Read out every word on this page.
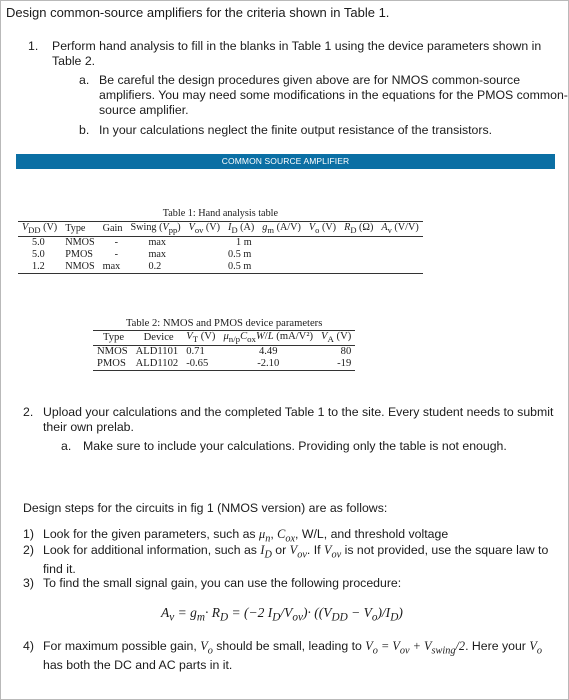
Design common-source amplifiers for the criteria shown in Table 1.
1. Perform hand analysis to fill in the blanks in Table 1 using the device parameters shown in Table 2.
a. Be careful the design procedures given above are for NMOS common-source amplifiers. You may need some modifications in the equations for the PMOS common-source amplifier.
b. In your calculations neglect the finite output resistance of the transistors.
COMMON SOURCE AMPLIFIER
Table 1: Hand analysis table									
$V_{DD}$ (V)	Type	Gain	Swing $(V_{pp})$	$V_{ov}$ (V)	$I_D$ (A)	$g_m$ (A/V)	$V_o$ (V)	$R_D$ (Ω)	$A_v$ (V/V)
5.0	NMOS	-	max		1 m				
5.0	PMOS	-	max		0.5 m				
1.2	NMOS	max	0.2		0.5 m				
Table 2: NMOS and PMOS device parameters				
Type	Device	$V_T$ (V)	$\mu_{n/p}C_{ox}W/L$ (mA/V²)	$V_A$ (V)
NMOS	ALD1101	0.71	4.49	80
PMOS	ALD1102	-0.65	-2.10	-19
2. Upload your calculations and the completed Table 1 to the site. Every student needs to submit their own prelab.
a. Make sure to include your calculations. Providing only the table is not enough.
Design steps for the circuits in fig 1 (NMOS version) are as follows:
1) Look for the given parameters, such as $\mu_n$, $C_{ox}$, W/L, and threshold voltage
2) Look for additional information, such as $I_D$ or $V_{ov}$. If $V_{ov}$ is not provided, use the square law to find it.
3) To find the small signal gain, you can use the following procedure:
$A_v = g_m\cdot R_D = (-2$ $I_D/V_{ov})\cdot ((V_{DD} - V_o)/I_D)$
4) For maximum possible gain, $V_o$ should be small, leading to $V_o = V_{ov} + V_{swing}/2$. Here your $V_o$ has both the DC and AC parts in it.
